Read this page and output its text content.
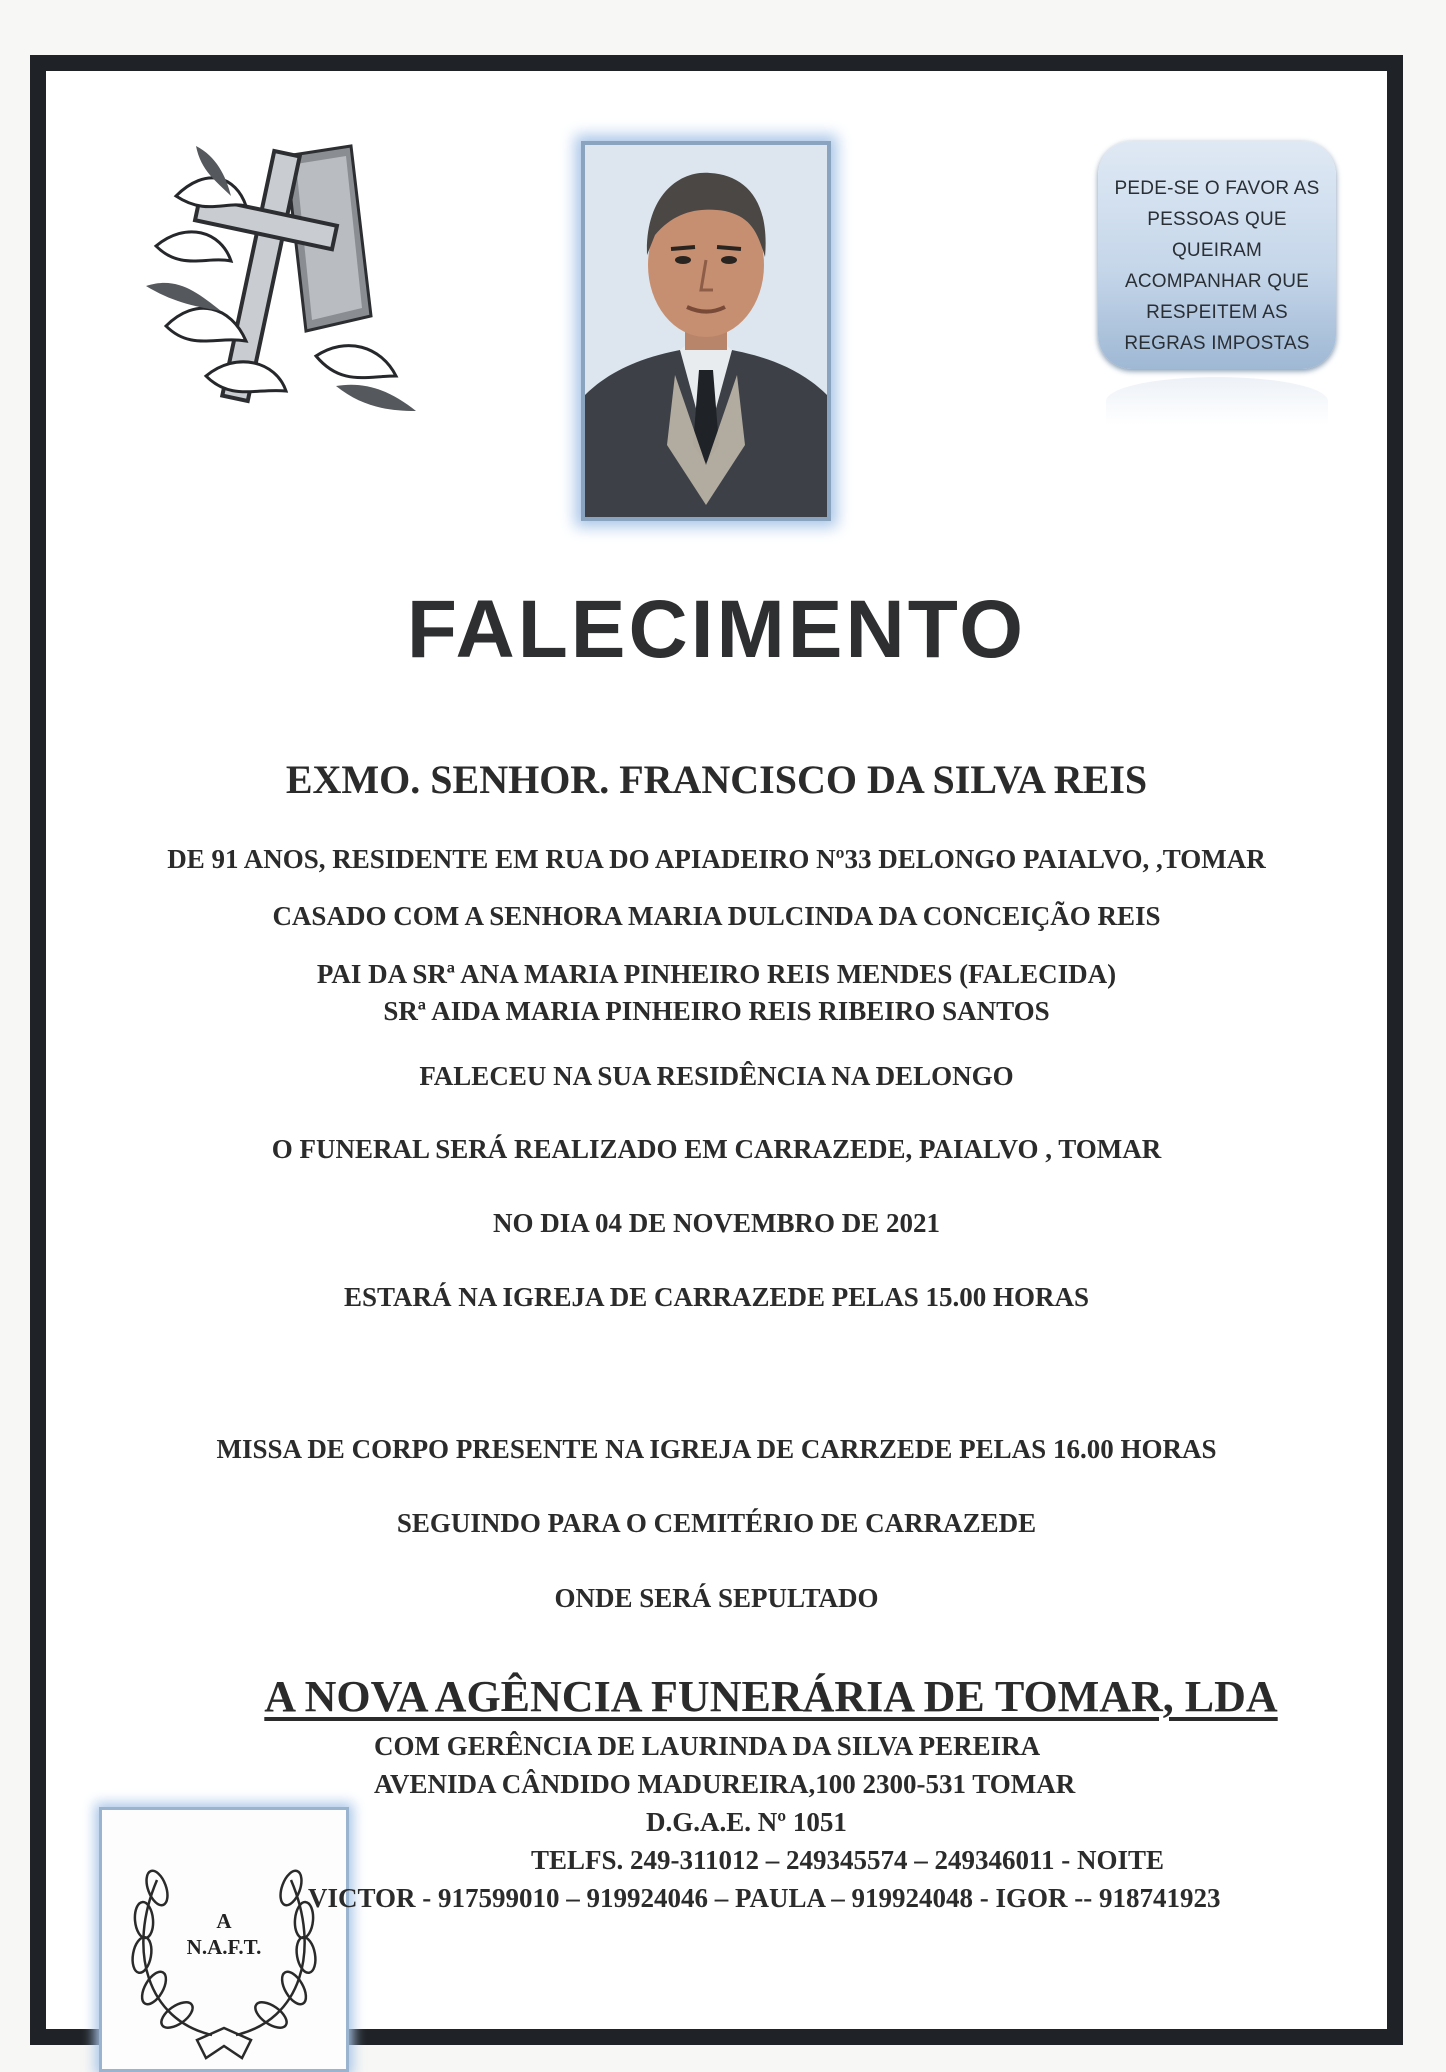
PEDE-SE O FAVOR AS
PESSOAS QUE
QUEIRAM
ACOMPANHAR QUE
RESPEITEM AS
REGRAS IMPOSTAS
FALECIMENTO
EXMO. SENHOR. FRANCISCO DA SILVA REIS
DE 91 ANOS, RESIDENTE EM RUA DO APIADEIRO Nº33 DELONGO PAIALVO, ,TOMAR
CASADO COM A SENHORA MARIA DULCINDA DA CONCEIÇÃO REIS
PAI DA SRª ANA MARIA PINHEIRO REIS MENDES (FALECIDA)
SRª AIDA MARIA PINHEIRO REIS RIBEIRO SANTOS
FALECEU NA SUA RESIDÊNCIA NA DELONGO
O FUNERAL SERÁ REALIZADO EM CARRAZEDE, PAIALVO , TOMAR
NO DIA 04 DE NOVEMBRO DE 2021
ESTARÁ NA IGREJA DE CARRAZEDE PELAS 15.00 HORAS
MISSA DE CORPO PRESENTE NA IGREJA DE CARRZEDE PELAS 16.00 HORAS
SEGUINDO PARA O CEMITÉRIO DE CARRAZEDE
ONDE SERÁ SEPULTADO
A NOVA AGÊNCIA FUNERÁRIA DE TOMAR, LDA
COM GERÊNCIA DE LAURINDA DA SILVA PEREIRA
AVENIDA CÂNDIDO MADUREIRA,100 2300-531 TOMAR
D.G.A.E. Nº 1051
TELFS. 249-311012 – 249345574 – 249346011 - NOITE
A
N.A.F.T.
VICTOR - 917599010 – 919924046 – PAULA – 919924048 - IGOR -- 918741923
